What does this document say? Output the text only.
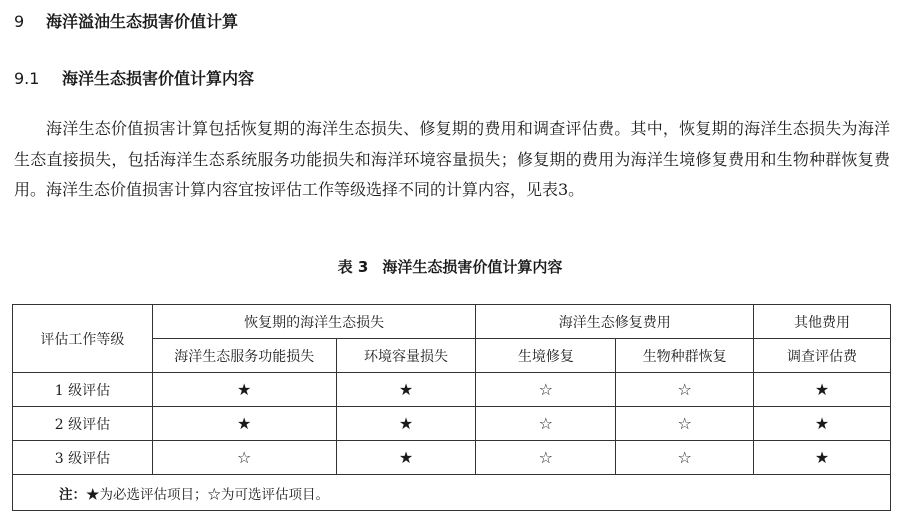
9 海洋溢油生态损害价值计算
9.1 海洋生态损害价值计算内容

海洋生态价值损害计算包括恢复期的海洋生态损失、修复期的费用和调查评估费。其中，恢复期的海洋生态损失为海洋生态直接损失，包括海洋生态系统服务功能损失和海洋环境容量损失；修复期的费用为海洋生境修复费用和生物种群恢复费用。海洋生态价值损害计算内容宜按评估工作等级选择不同的计算内容，见表3。

表 3 海洋生态损害价值计算内容
评估工作等级	恢复期的海洋生态损失		海洋生态修复费用		其他费用
	海洋生态服务功能损失	环境容量损失	生境修复	生物种群恢复	调查评估费
1 级评估	★	★	☆	☆	★
2 级评估	★	★	☆	☆	★
3 级评估	☆	★	☆	☆	★
注：★为必选评估项目；☆为可选评估项目。					
